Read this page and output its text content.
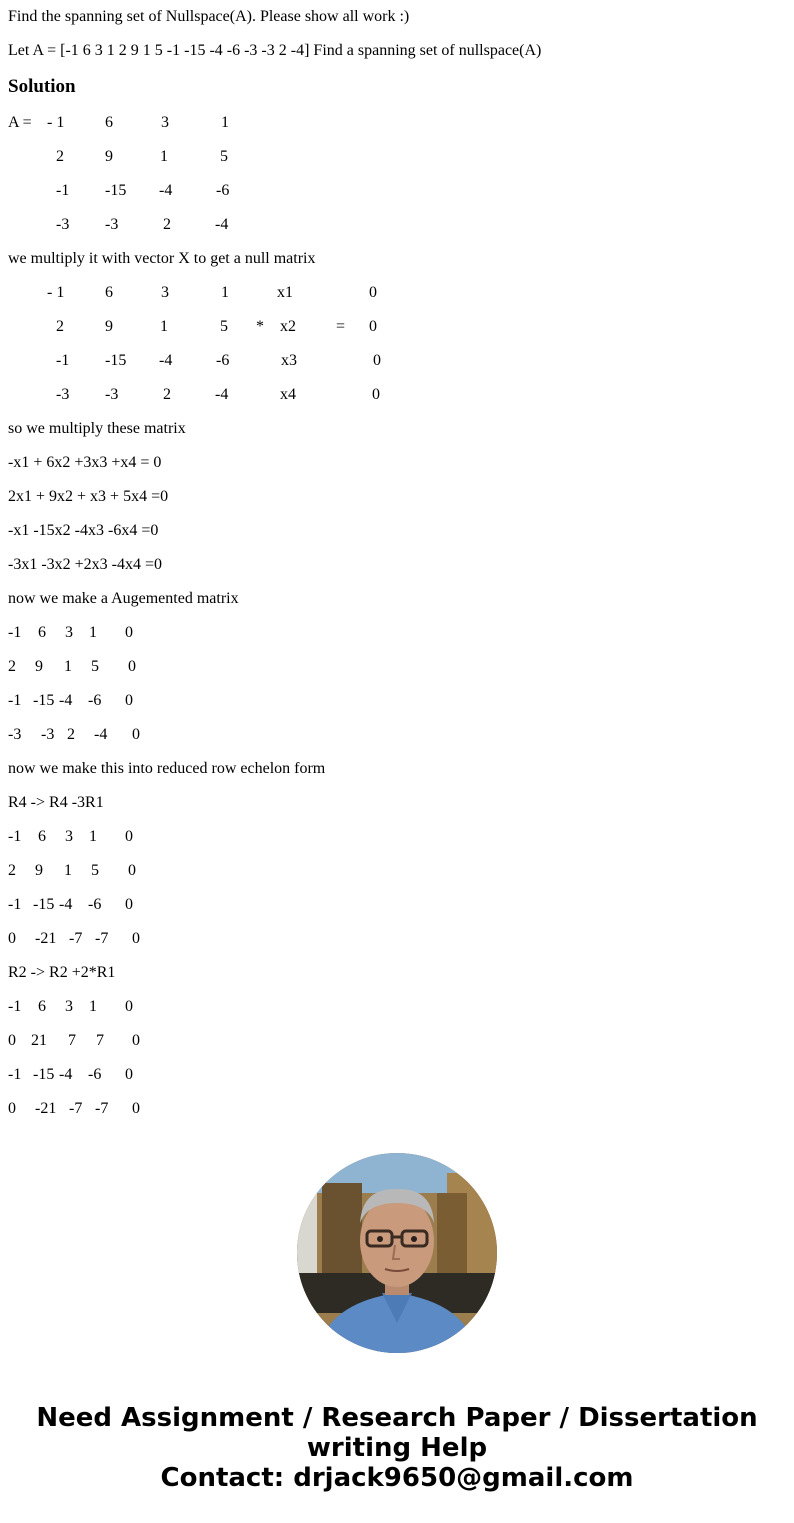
Find the spanning set of Nullspace(A). Please show all work :)

Let A = [-1 6 3 1 2 9 1 5 -1 -15 -4 -6 -3 -3 2 -4] Find a spanning set of nullspace(A)

Solution
A = - 1	6	3	1
2	9	1	5
-1 -15 -4	-6
-3 -3	2	-4

we multiply it with vector X to get a null matrix

- 1	6	3	1	x1	0
2	9	1	5 * x2	= 0
-1 -15 -4	-6	x3	0
-3 -3	2	-4	x4	0

so we multiply these matrix

-x1 + 6x2 +3x3 +x4 = 0

2x1 + 9x2 + x3 + 5x4 =0

-x1 -15x2 -4x3 -6x4 =0

-3x1 -3x2 +2x3 -4x4 =0

now we make a Augemented matrix

-1 6 3 1 0
2 9 1 5 0
-1 -15 -4 -6 0
-3 -3 2 -4 0

now we make this into reduced row echelon form

R4 -> R4 -3R1

-1 6 3 1 0
2 9 1 5 0
-1 -15 -4 -6 0
0 -21 -7 -7 0

R2 -> R2 +2*R1

-1 6 3 1 0
0 21 7 7 0
-1 -15 -4 -6 0
0 -21 -7 -7 0
Need Assignment / Research Paper / Dissertation
writing Help
Contact: drjack9650@gmail.com
